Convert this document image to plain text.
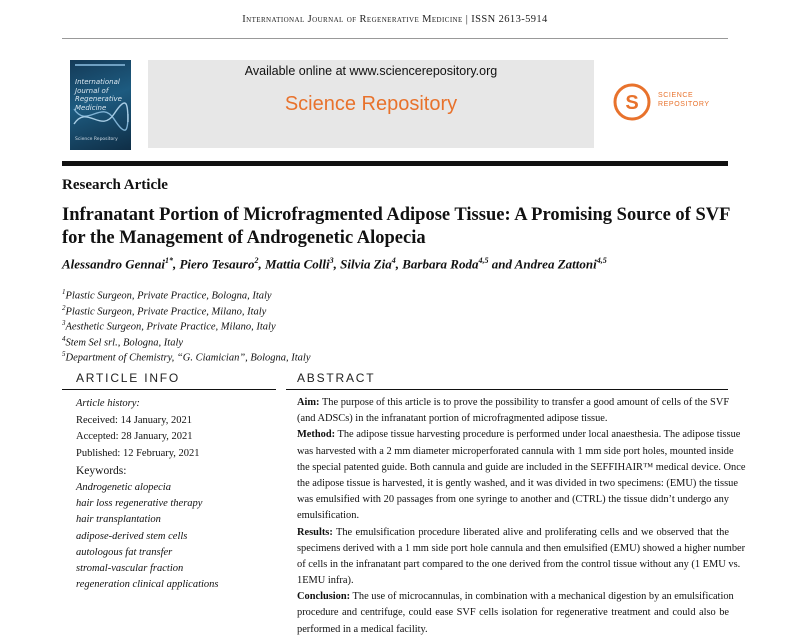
International Journal of Regenerative Medicine | ISSN 2613-5914
International Journal of Regenerative Medicine
Science Repository
Available online at www.sciencerepository.org
Science Repository	S	SCIENCE
REPOSITORY
Research Article
Infranatant Portion of Microfragmented Adipose Tissue: A Promising Source of SVF for the Management of Androgenetic Alopecia
Alessandro Gennai$^{1*}$, Piero Tesauro$^2$, Mattia Colli$^3$, Silvia Zia$^4$, Barbara Roda$^{4,5}$ and Andrea Zattoni$^{4,5}$
$^1$Plastic Surgeon, Private Practice, Bologna, Italy
$^2$Plastic Surgeon, Private Practice, Milano, Italy
$^3$Aesthetic Surgeon, Private Practice, Milano, Italy
$^4$Stem Sel srl., Bologna, Italy
$^5$Department of Chemistry, “G. Ciamician”, Bologna, Italy
ARTICLE INFO	ABSTRACT
Article history:
Received: 14 January, 2021
Accepted: 28 January, 2021
Published: 12 February, 2021
Keywords:
Androgenetic alopecia
hair loss regenerative therapy
hair transplantation
adipose-derived stem cells
autologous fat transfer
stromal-vascular fraction
regeneration clinical applications
Aim: The purpose of this article is to prove the possibility to transfer a good amount of cells of the SVF
(and ADSCs) in the infranatant portion of microfragmented adipose tissue.
Method: The adipose tissue harvesting procedure is performed under local anaesthesia. The adipose tissue
was harvested with a 2 mm diameter microperforated cannula with 1 mm side port holes, mounted inside
the special patented guide. Both cannula and guide are included in the SEFFIHAIR™ medical device. Once
the adipose tissue is harvested, it is gently washed, and it was divided in two specimens: (EMU) the tissue
was emulsified with 20 passages from one syringe to another and (CTRL) the tissue didn’t undergo any
emulsification.
Results: The emulsification procedure liberated alive and proliferating cells and we observed that the
specimens derived with a 1 mm side port hole cannula and then emulsified (EMU) showed a higher number
of cells in the infranatant part compared to the one derived from the control tissue without any (1 EMU vs.
1EMU infra).
Conclusion: The use of microcannulas, in combination with a mechanical digestion by an emulsification
procedure and centrifuge, could ease SVF cells isolation for regenerative treatment and could also be
performed in a medical facility.
